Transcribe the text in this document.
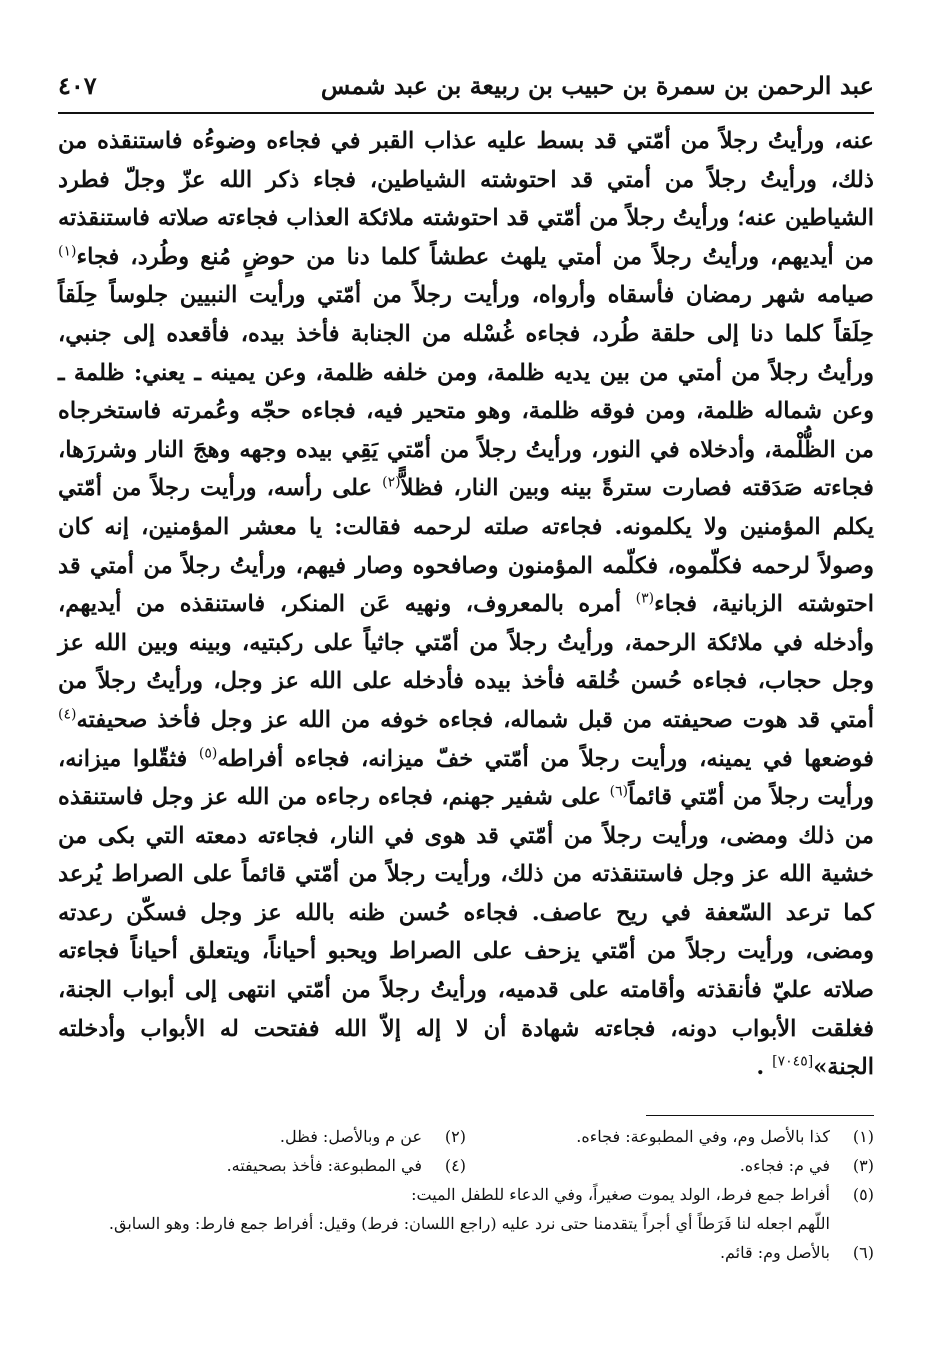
عبد الرحمن بن سمرة بن حبيب بن ربيعة بن عبد شمس
٤٠٧

عنه، ورأيتُ رجلاً من أمّتي قد بسط عليه عذاب القبر في فجاءه وضوءُه فاستنقذه من ذلك، ورأيتُ رجلاً من أمتي قد احتوشته الشياطين، فجاء ذكر الله عزّ وجلّ فطرد الشياطين عنه؛ ورأيتُ رجلاً من أمّتي قد احتوشته ملائكة العذاب فجاءته صلاته فاستنقذته من أيديهم، ورأيتُ رجلاً من أمتي يلهث عطشاً كلما دنا من حوضٍ مُنع وطُرد، فجاء$^{(١)}$ صيامه شهر رمضان فأسقاه وأرواه، ورأيت رجلاً من أمّتي ورأيت النبيين جلوساً حِلَقاً حِلَقاً كلما دنا إلى حلقة طُرد، فجاءه غُسْله من الجنابة فأخذ بيده، فأقعده إلى جنبي، ورأيتُ رجلاً من أمتي من بين يديه ظلمة، ومن خلفه ظلمة، وعن يمينه ـ يعني: ظلمة ـ وعن شماله ظلمة، ومن فوقه ظلمة، وهو متحير فيه، فجاءه حجّه وعُمرته فاستخرجاه من الظُّلْمة، وأدخلاه في النور، ورأيتُ رجلاً من أمّتي يَقِي بيده وجهه وهجَ النار وشررَها، فجاءته صَدَقته فصارت سترةً بينه وبين النار، فظلاًّ$^{(٢)}$ على رأسه، ورأيت رجلاً من أمّتي يكلم المؤمنين ولا يكلمونه. فجاءته صلته لرحمه فقالت: يا معشر المؤمنين، إنه كان وصولاً لرحمه فكلّموه، فكلّمه المؤمنون وصافحوه وصار فيهم، ورأيتُ رجلاً من أمتي قد احتوشته الزبانية، فجاء$^{(٣)}$ أمره بالمعروف، ونهيه عَن المنكر، فاستنقذه من أيديهم، وأدخله في ملائكة الرحمة، ورأيتُ رجلاً من أمّتي جاثياً على ركبتيه، وبينه وبين الله عز وجل حجاب، فجاءه حُسن خُلقه فأخذ بيده فأدخله على الله عز وجل، ورأيتُ رجلاً من أمتي قد هوت صحيفته من قبل شماله، فجاءه خوفه من الله عز وجل فأخذ صحيفته$^{(٤)}$ فوضعها في يمينه، ورأيت رجلاً من أمّتي خفّ ميزانه، فجاءه أفراطه$^{(٥)}$ فثقّلوا ميزانه، ورأيت رجلاً من أمّتي قائماً$^{(٦)}$ على شفير جهنم، فجاءه رجاءه من الله عز وجل فاستنقذه من ذلك ومضى، ورأيت رجلاً من أمّتي قد هوى في النار، فجاءته دمعته التي بكى من خشية الله عز وجل فاستنقذته من ذلك، ورأيت رجلاً من أمّتي قائماً على الصراط يُرعد كما ترعد السّعفة في ريح عاصف. فجاءه حُسن ظنه بالله عز وجل فسكّن رعدته ومضى، ورأيت رجلاً من أمّتي يزحف على الصراط ويحبو أحياناً، ويتعلق أحياناً فجاءته صلاته عليّ فأنقذته وأقامته على قدميه، ورأيتُ رجلاً من أمّتي انتهى إلى أبواب الجنة، فغلقت الأبواب دونه، فجاءته شهادة أن لا إله إلاّ الله ففتحت له الأبواب وأدخلته الجنة»[٧٠٤٥] .

(١)
كذا بالأصل وم، وفي المطبوعة: فجاءه.
(٢)
عن م وبالأصل: فظل.
(٣)
في م: فجاءه.
(٤)
في المطبوعة: فأخذ بصحيفته.
(٥)
أفراط جمع فرط، الولد يموت صغيراً، وفي الدعاء للطفل الميت:
اللّهم اجعله لنا فَرَطاً أي أجراً يتقدمنا حتى نرد عليه (راجع اللسان: فرط) وقيل: أفراط جمع فارط: وهو السابق.
(٦)
بالأصل وم: قائم.
